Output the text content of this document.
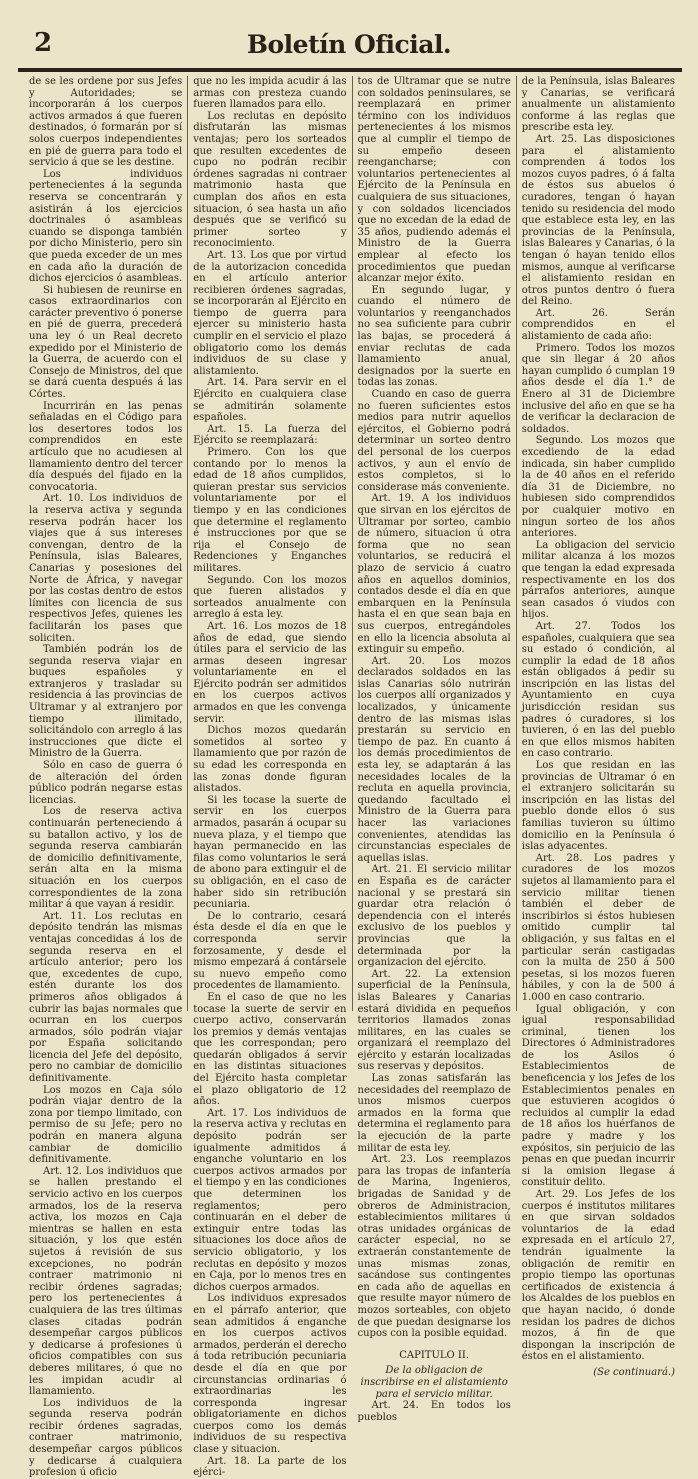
2	Boletín Oficial.

de se les ordene por sus Jefes y Autoridades; se incorporarán á los cuerpos activos armados á que fueren destinados, ó formarán por sí solos cuerpos independientes en pié de guerra para todo el servicio á que se les destine.

Los individuos pertenecientes á la segunda reserva se concentrarán y asistirán á los ejercicios doctrinales ó asambleas cuando se disponga también por dicho Ministerio, pero sin que pueda exceder de un mes en cada año la duración de dichos ejercicios ó asambleas.

Si hubiesen de reunirse en casos extraordinarios con carácter preventivo ó ponerse en pié de guerra, precederá una ley ó un Real decreto expedido por el Ministerio de la Guerra, de acuerdo con el Consejo de Ministros, del que se dará cuenta después á las Córtes.

Incurrirán en las penas señaladas en el Código para los desertores todos los comprendidos en este artículo que no acudiesen al llamamiento dentro del tercer día después del fijado en la convocatoria.

Art. 10. Los individuos de la reserva activa y segunda reserva podrán hacer los viajes que á sus intereses convengan, dentro de la Península, islas Baleares, Canarias y posesiones del Norte de África, y navegar por las costas dentro de estos límites con licencia de sus respectivos Jefes, quienes les facilitarán los pases que soliciten.

También podrán los de segunda reserva viajar en buques españoles y extranjeros y trasladar su residencia á las provincias de Ultramar y al extranjero por tiempo ilimitado, solicitándolo con arreglo á las instrucciones que dicte el Ministro de la Guerra.

Sólo en caso de guerra ó de alteración del órden público podrán negarse estas licencias.

Los de reserva activa continuarán perteneciendo á su batallon activo, y los de segunda reserva cambiarán de domicilio definitivamente, serán alta en la misma situación en los cuerpos correspondientes de la zona militar á que vayan á residir.

Art. 11. Los reclutas en depósito tendrán las mismas ventajas concedidas á los de segunda reserva en el artículo anterior; pero los que, excedentes de cupo, estén durante los dos primeros años obligados á cubrir las bajas normales que ocurran en los cuerpos armados, sólo podrán viajar por España solicitando licencia del Jefe del depósito, pero no cambiar de domicilio definitivamente.

Los mozos en Caja sólo podrán viajar dentro de la zona por tiempo limitado, con permiso de su Jefe; pero no podrán en manera alguna cambiar de domicilio definitivamente.

Art. 12. Los individuos que se hallen prestando el servicio activo en los cuerpos armados, los de la reserva activa, los mozos en Caja mientras se hallen en esta situación, y los que estén sujetos á revisión de sus excepciones, no podrán contraer matrimonio ni recibir órdenes sagradas; pero los pertenecientes á cualquiera de las tres últimas clases citadas podrán desempeñar cargos públicos y dedicarse á profesiones ú oficios compatibles con sus deberes militares, ó que no les impidan acudir al llamamiento.

Los individuos de la segunda reserva podrán recibir órdenes sagradas, contraer matrimonio, desempeñar cargos públicos y dedicarse á cualquiera profesion ú oficio

que no les impida acudir á las armas con presteza cuando fueren llamados para ello.

Los reclutas en depósito disfrutarán las mismas ventajas; pero los sorteados que resulten excedentes de cupo no podrán recibir órdenes sagradas ni contraer matrimonio hasta que cumplan dos años en esta situacion, ó sea hasta un año después que se verificó su primer sorteo y reconocimiento.

Art. 13. Los que por virtud de la autorizacion concedida en el artículo anterior recibieren órdenes sagradas, se incorporarán al Ejército en tiempo de guerra para ejercer su ministerio hasta cumplir en el servicio el plazo obligatorio como los demás individuos de su clase y alistamiento.

Art. 14. Para servir en el Ejército en cualquiera clase se admitirán solamente españoles.

Art. 15. La fuerza del Ejército se reemplazará:

Primero. Con los que contando por lo menos la edad de 18 años cumplidos, quieran prestar sus servicios voluntariamente por el tiempo y en las condiciones que determine el reglamento é instrucciones por que se rija el Consejo de Redenciones y Enganches militares.

Segundo. Con los mozos que fueren alistados y sorteados anualmente con arreglo á esta ley.

Art. 16. Los mozos de 18 años de edad, que siendo útiles para el servicio de las armas deseen ingresar voluntariamente en el Ejército podrán ser admitidos en los cuerpos activos armados en que les convenga servir.

Dichos mozos quedarán sometidos al sorteo y llamamiento que por razón de su edad les corresponda en las zonas donde figuran alistados.

Si les tocase la suerte de servir en los cuerpos armados, pasarán á ocupar su nueva plaza, y el tiempo que hayan permanecido en las filas como voluntarios le será de abono para extinguir el de su obligación, en el caso de haber sido sin retribución pecuniaria.

De lo contrario, cesará ésta desde el día en que le corresponda servir forzosamente, y desde el mismo empezará á contársele su nuevo empeño como procedentes de llamamiento.

En el caso de que no les tocase la suerte de servir en cuerpo activo, conservarán los premios y demás ventajas que les correspondan; pero quedarán obligados á servir en las distintas situaciones del Ejército hasta completar el plazo obligatorio de 12 años.

Art. 17. Los individuos de la reserva activa y reclutas en depósito podrán ser igualmente admitidos á enganche voluntario en los cuerpos activos armados por el tiempo y en las condiciones que determinen los reglamentos; pero continuarán en el deber de extinguir entre todas las situaciones los doce años de servicio obligatorio, y los reclutas en depósito y mozos en Caja, por lo menos tres en dichos cuerpos armados.

Los individuos expresados en el párrafo anterior, que sean admitidos á enganche en los cuerpos activos armados, perderán el derecho á toda retribución pecuniaria desde el día en que por circunstancias ordinarias ó extraordinarias les corresponda ingresar obligatoriamente en dichos cuerpos como los demás individuos de su respectiva clase y situacion.

Art. 18. La parte de los ejérci-

tos de Ultramar que se nutre con soldados peninsulares, se reemplazará en primer término con los individuos pertenecientes á los mismos que al cumplir el tiempo de su empeño deseen reengancharse; con voluntarios pertenecientes al Ejército de la Península en cualquiera de sus situaciones, y con soldados licenciados que no excedan de la edad de 35 años, pudiendo además el Ministro de la Guerra emplear al efecto los procedimientos que puedan alcanzar mejor éxito.

En segundo lugar, y cuando el número de voluntarios y reenganchados no sea suficiente para cubrir las bajas, se procederá á enviar reclutas de cada llamamiento anual, designados por la suerte en todas las zonas.

Cuando en caso de guerra no fueren suficientes estos medios para nutrir aquellos ejércitos, el Gobierno podrá determinar un sorteo dentro del personal de los cuerpos activos, y aun el envío de estos completos, si lo considerase más conveniente.

Art. 19. A los individuos que sirvan en los ejércitos de Ultramar por sorteo, cambio de número, situacion ú otra forma que no sean voluntarios, se reducirá el plazo de servicio á cuatro años en aquellos dominios, contados desde el día en que embarquen en la Península hasta el en que sean baja en sus cuerpos, entregándoles en ello la licencia absoluta al extinguir su empeño.

Art. 20. Los mozos declarados soldados en las islas Canarias sólo nutrirán los cuerpos allí organizados y localizados, y únicamente dentro de las mismas islas prestarán su servicio en tiempo de paz. En cuanto á los demás procedimientos de esta ley, se adaptarán á las necesidades locales de la recluta en aquella provincia, quedando facultado el Ministro de la Guerra para hacer las variaciones convenientes, atendidas las circunstancias especiales de aquellas islas.

Art. 21. El servicio militar en España es de carácter nacional y se prestará sin guardar otra relación ó dependencia con el interés exclusivo de los pueblos y provincias que la determinada por la organizacion del ejército.

Art. 22. La extension superficial de la Península, islas Baleares y Canarias estará dividida en pequeños territorios llamados zonas militares, en las cuales se organizará el reemplazo del ejército y estarán localizadas sus reservas y depósitos.

Las zonas satisfarán las necesidades del reemplazo de unos mismos cuerpos armados en la forma que determina el reglamento para la ejecución de la parte militar de esta ley.

Art. 23. Los reemplazos para las tropas de infantería de Marina, Ingenieros, brigadas de Sanidad y de obreros de Administracion, establecimientos militares ú otras unidades orgánicas de carácter especial, no se extraerán constantemente de unas mismas zonas, sacándose sus contingentes en cada año de aquellas en que resulte mayor número de mozos sorteables, con objeto de que puedan designarse los cupos con la posible equidad.

CAPITULO II.

De la obligacion de inscribirse en el alistamiento para el servicio militar.

Art. 24. En todos los pueblos

de la Península, islas Baleares y Canarias, se verificará anualmente un alistamiento conforme á las reglas que prescribe esta ley.

Art. 25. Las disposiciones para el alistamiento comprenden á todos los mozos cuyos padres, ó á falta de éstos sus abuelos ó curadores, tengan ó hayan tenido su residencia del modo que establece esta ley, en las provincias de la Península, islas Baleares y Canarias, ó la tengan ó hayan tenido ellos mismos, aunque al verificarse el alistamiento residan en otros puntos dentro ó fuera del Reino.

Art. 26. Serán comprendidos en el alistamiento de cada año:

Primero. Todos los mozos que sin llegar á 20 años hayan cumplido ó cumplan 19 años desde el día 1.° de Enero al 31 de Diciembre inclusive del año en que se ha de verificar la declaracion de soldados.

Segundo. Los mozos que excediendo de la edad indicada, sin haber cumplido la de 40 años en el referido día 31 de Diciembre, no hubiesen sido comprendidos por cualquier motivo en ningun sorteo de los años anteriores.

La obligacion del servicio militar alcanza á los mozos que tengan la edad expresada respectivamente en los dos párrafos anteriores, aunque sean casados ó viudos con hijos.

Art. 27. Todos los españoles, cualquiera que sea su estado ó condición, al cumplir la edad de 18 años están obligados á pedir su inscripción en las listas del Ayuntamiento en cuya jurisdicción residan sus padres ó curadores, si los tuvieren, ó en las del pueblo en que ellos mismos habiten en caso contrario.

Los que residan en las provincias de Ultramar ó en el extranjero solicitarán su inscripción en las listas del pueblo donde ellos ó sus familias tuvieron su último domicilio en la Península ó islas adyacentes.

Art. 28. Los padres y curadores de los mozos sujetos al llamamiento para el servicio militar tienen también el deber de inscribirlos si éstos hubiesen omitido cumplir tal obligación, y sus faltas en el particular serán castigadas con la multa de 250 á 500 pesetas, si los mozos fueren hábiles, y con la de 500 á 1.000 en caso contrario.

Igual obligación, y con igual responsabilidad criminal, tienen los Directores ó Administradores de los Asilos ó Establecimientos de beneficencia y los Jefes de los Establecimientos penales en que estuvieren acogidos ó recluidos al cumplir la edad de 18 años los huérfanos de padre y madre y los expósitos, sin perjuicio de las penas en que puedan incurrir si la omision llegase á constituir delito.

Art. 29. Los Jefes de los cuerpos é institutos militares en que sirvan soldados voluntarios de la edad expresada en el artículo 27, tendrán igualmente la obligación de remitir en propio tiempo las oportunas certificados de existencia á los Alcaldes de los pueblos en que hayan nacido, ó donde residan los padres de dichos mozos, á fin de que dispongan la inscripción de éstos en el alistamiento.

(Se continuará.)
